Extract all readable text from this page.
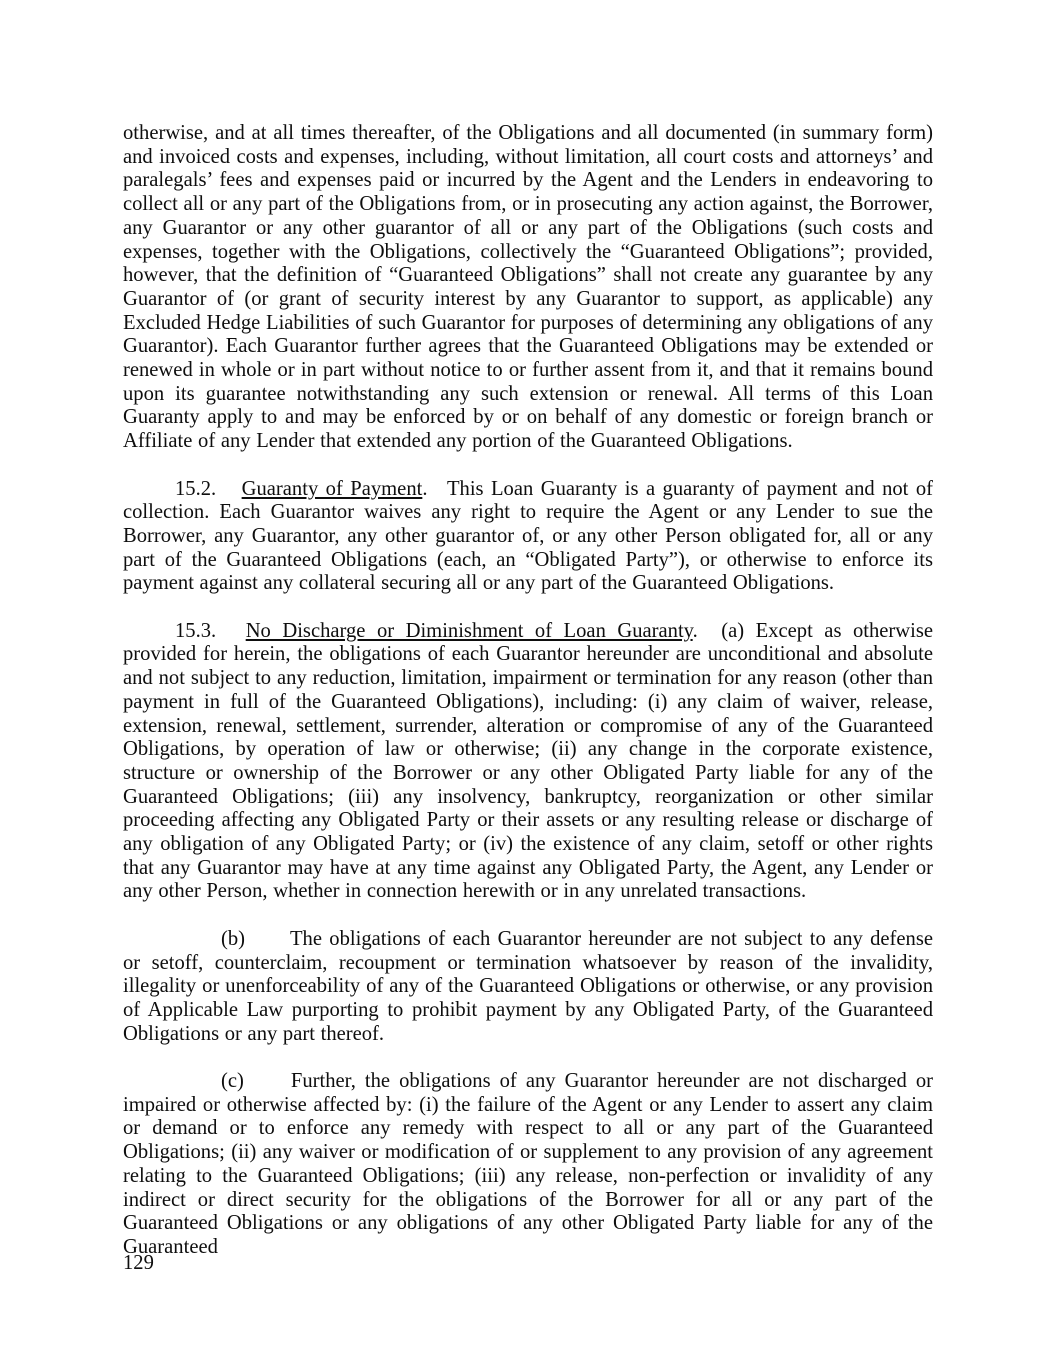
otherwise, and at all times thereafter, of the Obligations and all documented (in summary form) and invoiced costs and expenses, including, without limitation, all court costs and attorneys’ and paralegals’ fees and expenses paid or incurred by the Agent and the Lenders in endeavoring to collect all or any part of the Obligations from, or in prosecuting any action against, the Borrower, any Guarantor or any other guarantor of all or any part of the Obligations (such costs and expenses, together with the Obligations, collectively the “Guaranteed Obligations”; provided, however, that the definition of “Guaranteed Obligations” shall not create any guarantee by any Guarantor of (or grant of security interest by any Guarantor to support, as applicable) any Excluded Hedge Liabilities of such Guarantor for purposes of determining any obligations of any Guarantor). Each Guarantor further agrees that the Guaranteed Obligations may be extended or renewed in whole or in part without notice to or further assent from it, and that it remains bound upon its guarantee notwithstanding any such extension or renewal. All terms of this Loan Guaranty apply to and may be enforced by or on behalf of any domestic or foreign branch or Affiliate of any Lender that extended any portion of the Guaranteed Obligations.

15.2. Guaranty of Payment. This Loan Guaranty is a guaranty of payment and not of collection. Each Guarantor waives any right to require the Agent or any Lender to sue the Borrower, any Guarantor, any other guarantor of, or any other Person obligated for, all or any part of the Guaranteed Obligations (each, an “Obligated Party”), or otherwise to enforce its payment against any collateral securing all or any part of the Guaranteed Obligations.

15.3. No Discharge or Diminishment of Loan Guaranty. (a) Except as otherwise provided for herein, the obligations of each Guarantor hereunder are unconditional and absolute and not subject to any reduction, limitation, impairment or termination for any reason (other than payment in full of the Guaranteed Obligations), including: (i) any claim of waiver, release, extension, renewal, settlement, surrender, alteration or compromise of any of the Guaranteed Obligations, by operation of law or otherwise; (ii) any change in the corporate existence, structure or ownership of the Borrower or any other Obligated Party liable for any of the Guaranteed Obligations; (iii) any insolvency, bankruptcy, reorganization or other similar proceeding affecting any Obligated Party or their assets or any resulting release or discharge of any obligation of any Obligated Party; or (iv) the existence of any claim, setoff or other rights that any Guarantor may have at any time against any Obligated Party, the Agent, any Lender or any other Person, whether in connection herewith or in any unrelated transactions.

(b) The obligations of each Guarantor hereunder are not subject to any defense or setoff, counterclaim, recoupment or termination whatsoever by reason of the invalidity, illegality or unenforceability of any of the Guaranteed Obligations or otherwise, or any provision of Applicable Law purporting to prohibit payment by any Obligated Party, of the Guaranteed Obligations or any part thereof.

(c) Further, the obligations of any Guarantor hereunder are not discharged or impaired or otherwise affected by: (i) the failure of the Agent or any Lender to assert any claim or demand or to enforce any remedy with respect to all or any part of the Guaranteed Obligations; (ii) any waiver or modification of or supplement to any provision of any agreement relating to the Guaranteed Obligations; (iii) any release, non-perfection or invalidity of any indirect or direct security for the obligations of the Borrower for all or any part of the Guaranteed Obligations or any obligations of any other Obligated Party liable for any of the Guaranteed

129
